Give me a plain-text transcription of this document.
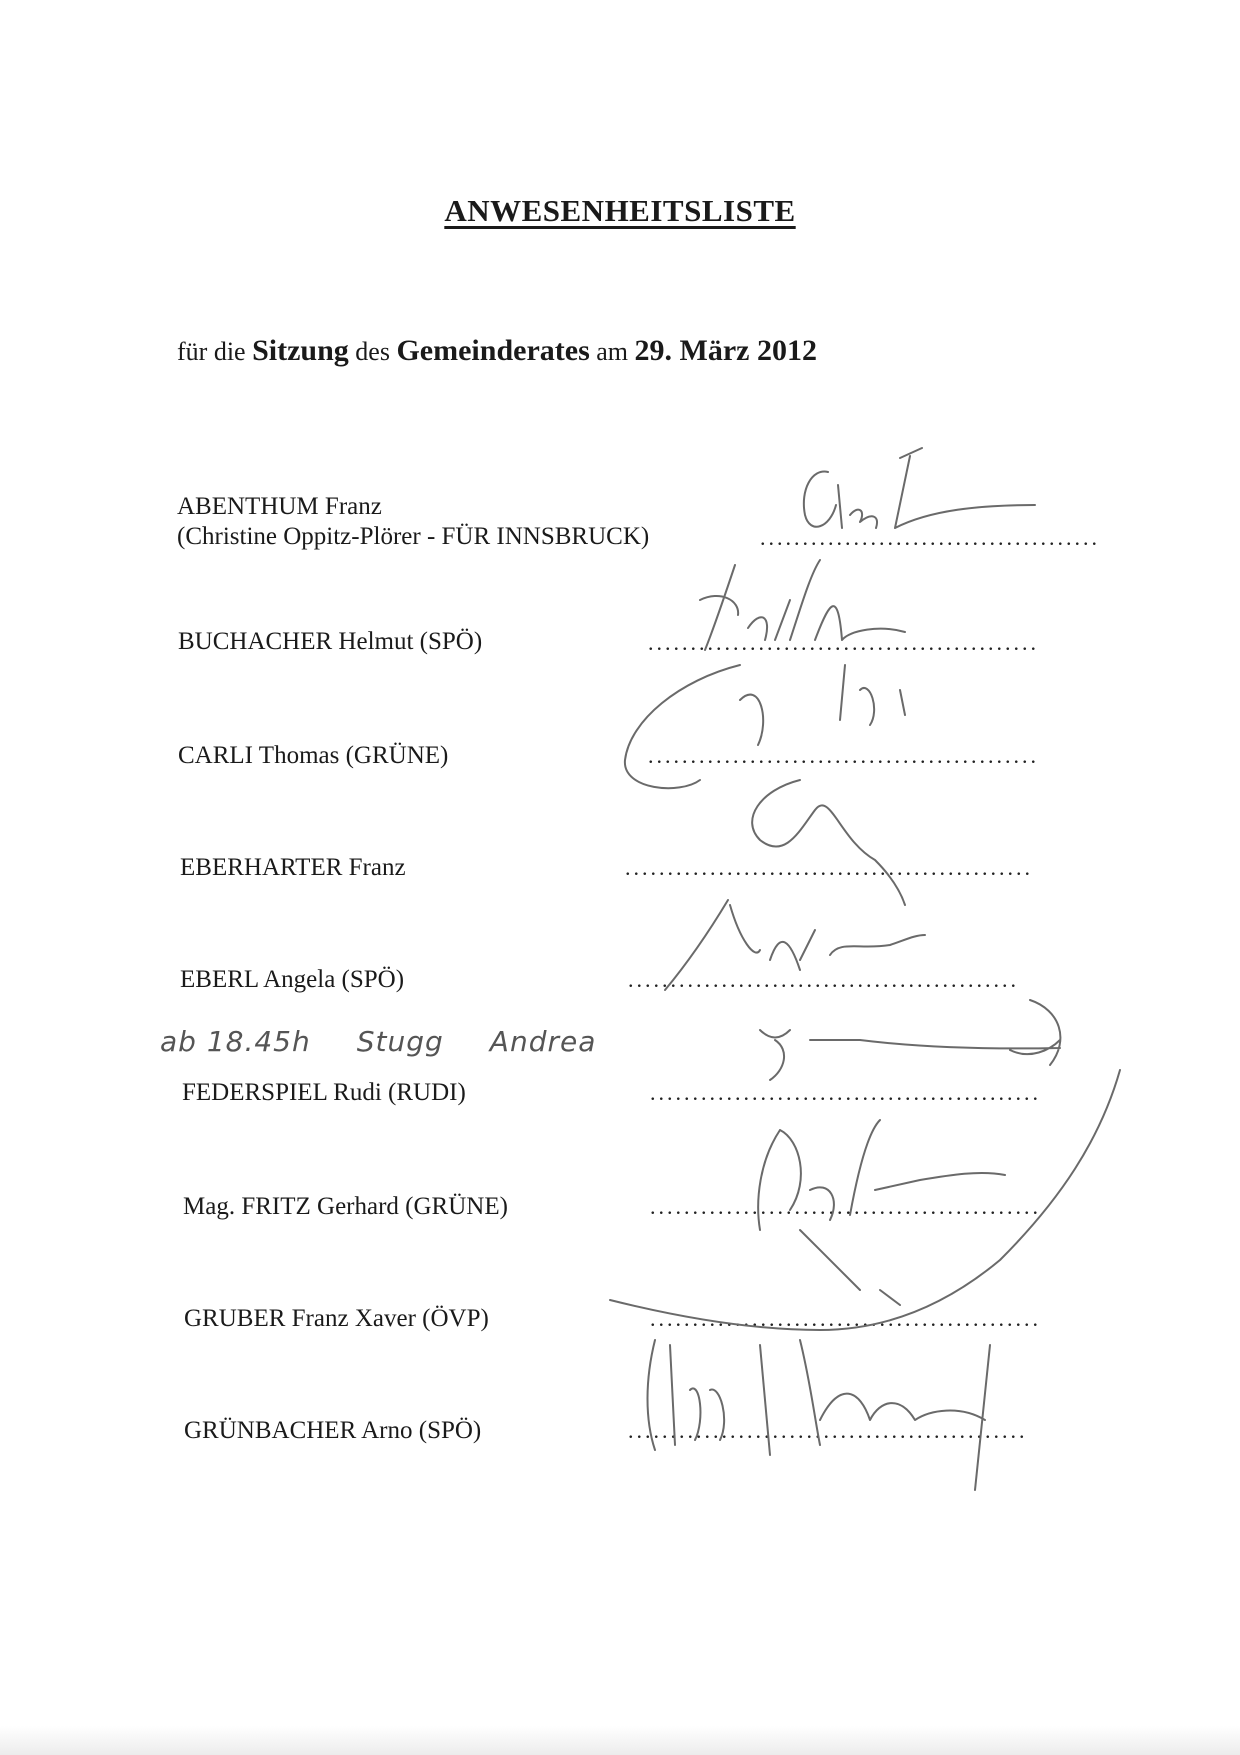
ANWESENHEITSLISTE
für die Sitzung des Gemeinderates am 29. März 2012
ABENTHUM Franz
(Christine Oppitz-Plörer - FÜR INNSBRUCK)	........................................
BUCHACHER Helmut (SPÖ)	..............................................
CARLI Thomas (GRÜNE)	..............................................
EBERHARTER Franz	................................................
EBERL Angela (SPÖ)	..............................................
ab 18.45h Stugg Andrea
FEDERSPIEL Rudi (RUDI)	..............................................
Mag. FRITZ Gerhard (GRÜNE)	..............................................
GRUBER Franz Xaver (ÖVP)	..............................................
GRÜNBACHER Arno (SPÖ)	...............................................
